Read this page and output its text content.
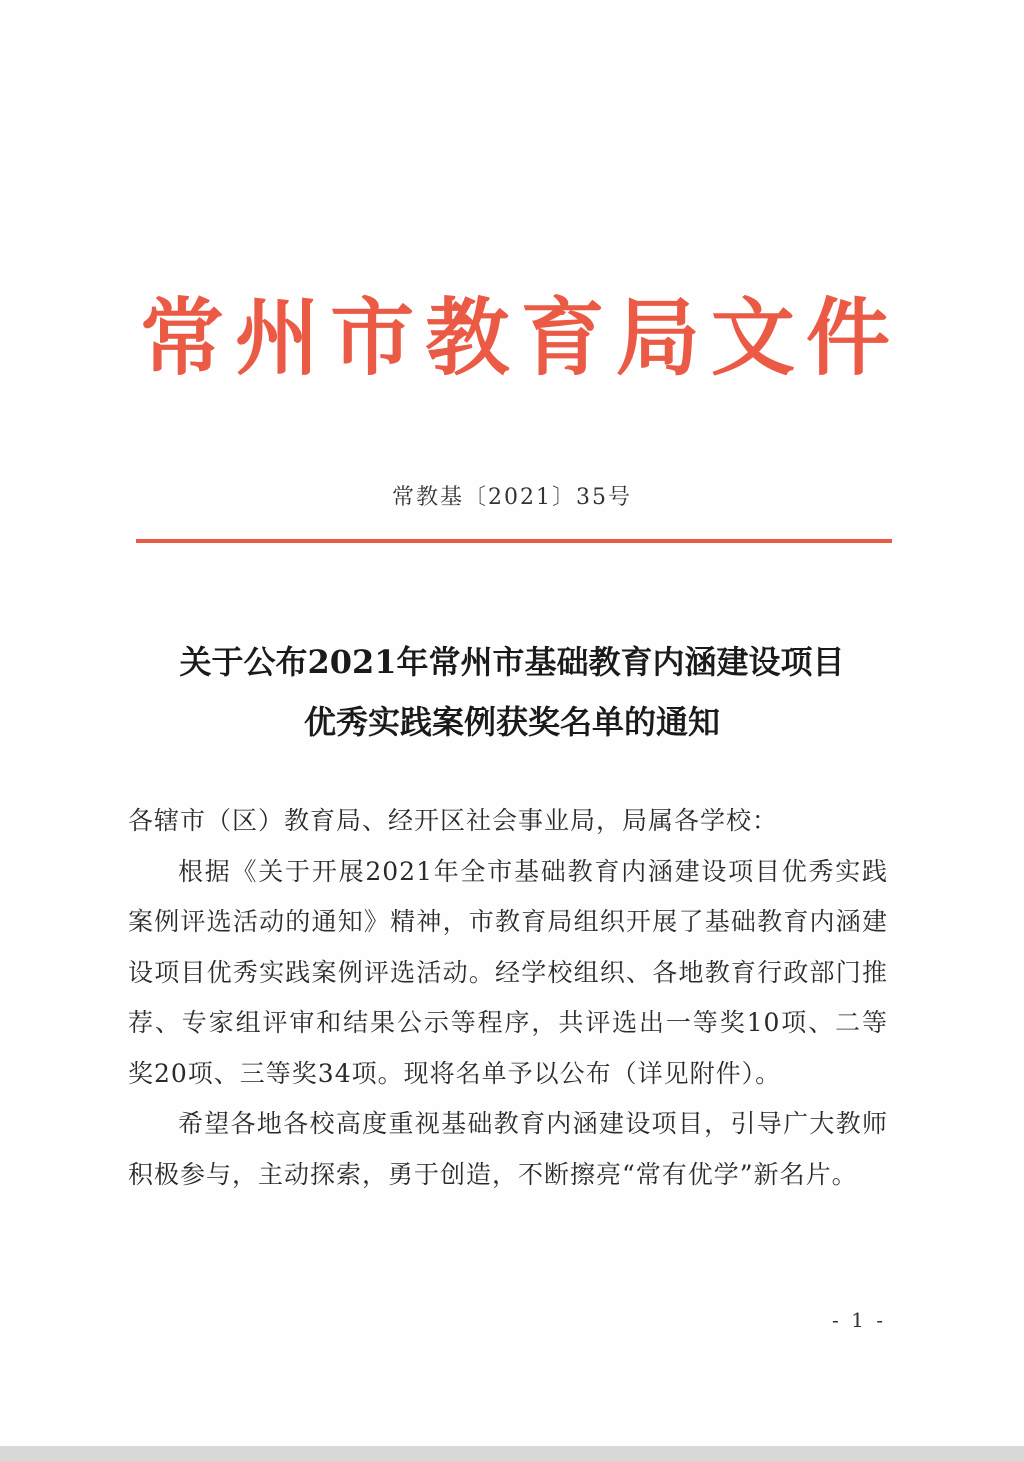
常 州 市 教 育 局 文 件
常教基〔2021〕35号
关于公布2021年常州市基础教育内涵建设项目
优秀实践案例获奖名单的通知

各辖市（区）教育局、经开区社会事业局，局属各学校：

根据《关于开展2021年全市基础教育内涵建设项目优秀实践案例评选活动的通知》精神，市教育局组织开展了基础教育内涵建设项目优秀实践案例评选活动。经学校组织、各地教育行政部门推荐、专家组评审和结果公示等程序，共评选出一等奖10项、二等奖20项、三等奖34项。现将名单予以公布（详见附件）。

希望各地各校高度重视基础教育内涵建设项目，引导广大教师积极参与，主动探索，勇于创造，不断擦亮“常有优学”新名片。

- 1 -
